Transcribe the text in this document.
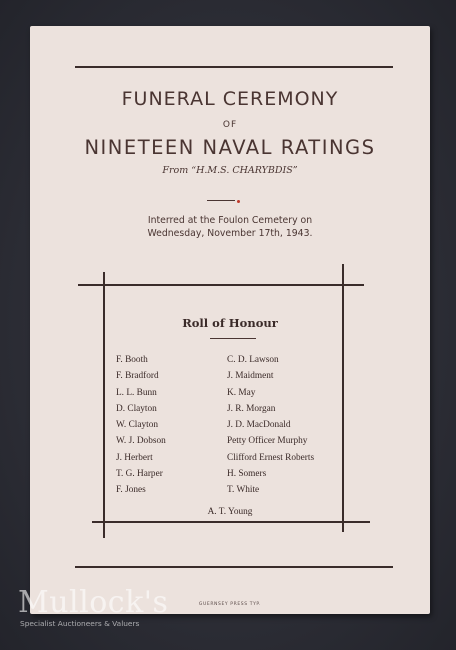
FUNERAL CEREMONY
OF
NINETEEN NAVAL RATINGS
From “H.M.S. CHARYBDIS”
Interred at the Foulon Cemetery on
Wednesday, November 17th, 1943.
Roll of Honour
F. Booth
F. Bradford
L. L. Bunn
D. Clayton
W. Clayton
W. J. Dobson
J. Herbert
T. G. Harper
F. Jones
C. D. Lawson
J. Maidment
K. May
J. R. Morgan
J. D. MacDonald
Petty Officer Murphy
Clifford Ernest Roberts
H. Somers
T. White
A. T. Young
GUERNSEY PRESS TYP.
Mullock's
Specialist Auctioneers & Valuers
